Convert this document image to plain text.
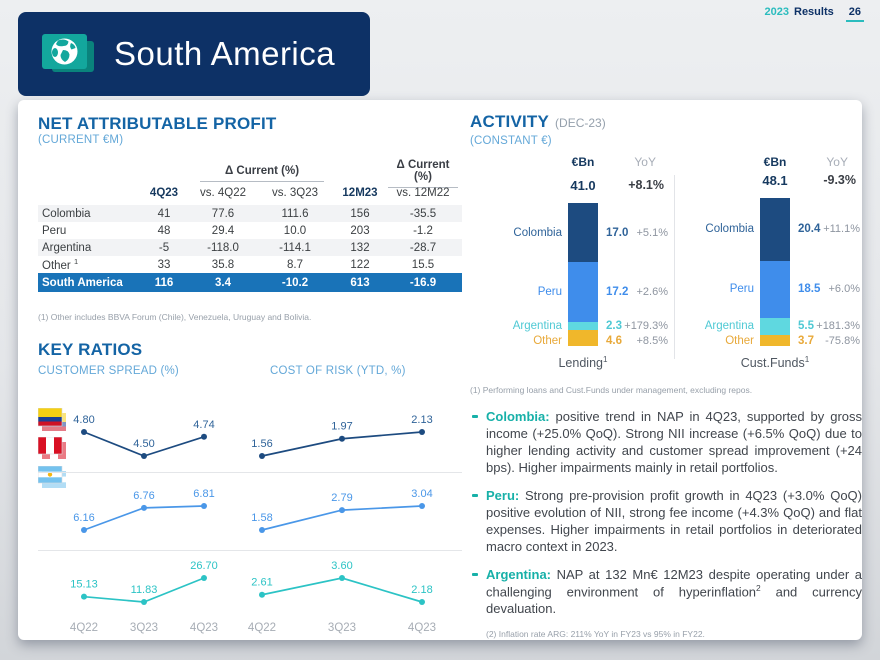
2023 Results 26
South America
NET ATTRIBUTABLE PROFIT
(CURRENT €M)
Δ Current (%)	Δ Current (%)
4Q23	vs. 4Q22	vs. 3Q23	12M23	vs. 12M22
Colombia	41	77.6	111.6	156	-35.5
Peru	48	29.4	10.0	203	-1.2
Argentina	-5	-118.0	-114.1	132	-28.7
Other $^1$	33	35.8	8.7	122	15.5
South America	116	3.4	-10.2	613	-16.9
(1) Other includes BBVA Forum (Chile), Venezuela, Uruguay and Bolivia.
KEY RATIOS
CUSTOMER SPREAD (%)	COST OF RISK (YTD, %)
4.80
4.50
4.74
1.56
1.97
2.13
6.16
6.76	6.81
1.58
2.79	3.04
15.13	11.83
26.70
2.61
3.60
2.18
4Q22	3Q23	4Q23	4Q22	3Q23	4Q23
ACTIVITY (DEC-23)
(CONSTANT €)
€Bn	YoY
41.0	+8.1%
Colombia	17.0 +5.1%
Peru	17.2 +2.6%
Argentina	2.3 +179.3%
Other	4.6	+8.5%
Lending$^1$
€Bn	YoY
48.1	-9.3%
Colombia	20.4 +11.1%
Peru	18.5 +6.0%
Argentina	5.5 +181.3%
Other	3.7	-75.8%
Cust.Funds$^1$
(1) Performing loans and Cust.Funds under management, excluding repos.

Colombia: positive trend in NAP in 4Q23, supported by gross income (+25.0% QoQ). Strong NII increase (+6.5% QoQ) due to higher lending activity and customer spread improvement (+24 bps). Higher impairments mainly in retail portfolios.

Peru: Strong pre-provision profit growth in 4Q23 (+3.0% QoQ) positive evolution of NII, strong fee income (+4.3% QoQ) and flat expenses. Higher impairments in retail portfolios in deteriorated macro context in 2023.

Argentina: NAP at 132 Mn€ 12M23 despite operating under a challenging environment of hyperinflation$^2$ and currency devaluation.

(2) Inflation rate ARG: 211% YoY in FY23 vs 95% in FY22.
